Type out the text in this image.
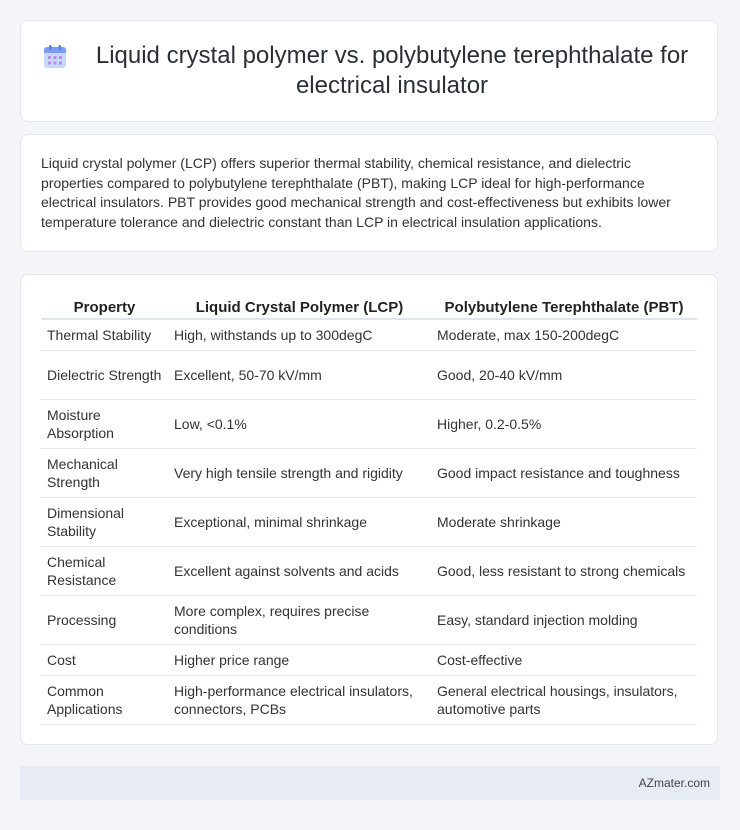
Liquid crystal polymer vs. polybutylene terephthalate for electrical insulator

Liquid crystal polymer (LCP) offers superior thermal stability, chemical resistance, and dielectric properties compared to polybutylene terephthalate (PBT), making LCP ideal for high-performance electrical insulators. PBT provides good mechanical strength and cost-effectiveness but exhibits lower temperature tolerance and dielectric constant than LCP in electrical insulation applications.

Property	Liquid Crystal Polymer (LCP)	Polybutylene Terephthalate (PBT)
Thermal Stability	High, withstands up to 300degC	Moderate, max 150-200degC
Dielectric Strength	Excellent, 50-70 kV/mm	Good, 20-40 kV/mm
Moisture Absorption	Low, <0.1%	Higher, 0.2-0.5%
Mechanical Strength	Very high tensile strength and rigidity	Good impact resistance and toughness
Dimensional Stability	Exceptional, minimal shrinkage	Moderate shrinkage
Chemical Resistance	Excellent against solvents and acids	Good, less resistant to strong chemicals
Processing	More complex, requires precise conditions	Easy, standard injection molding
Cost	Higher price range	Cost-effective
Common Applications	High-performance electrical insulators, connectors, PCBs	General electrical housings, insulators, automotive parts
AZmater.com
